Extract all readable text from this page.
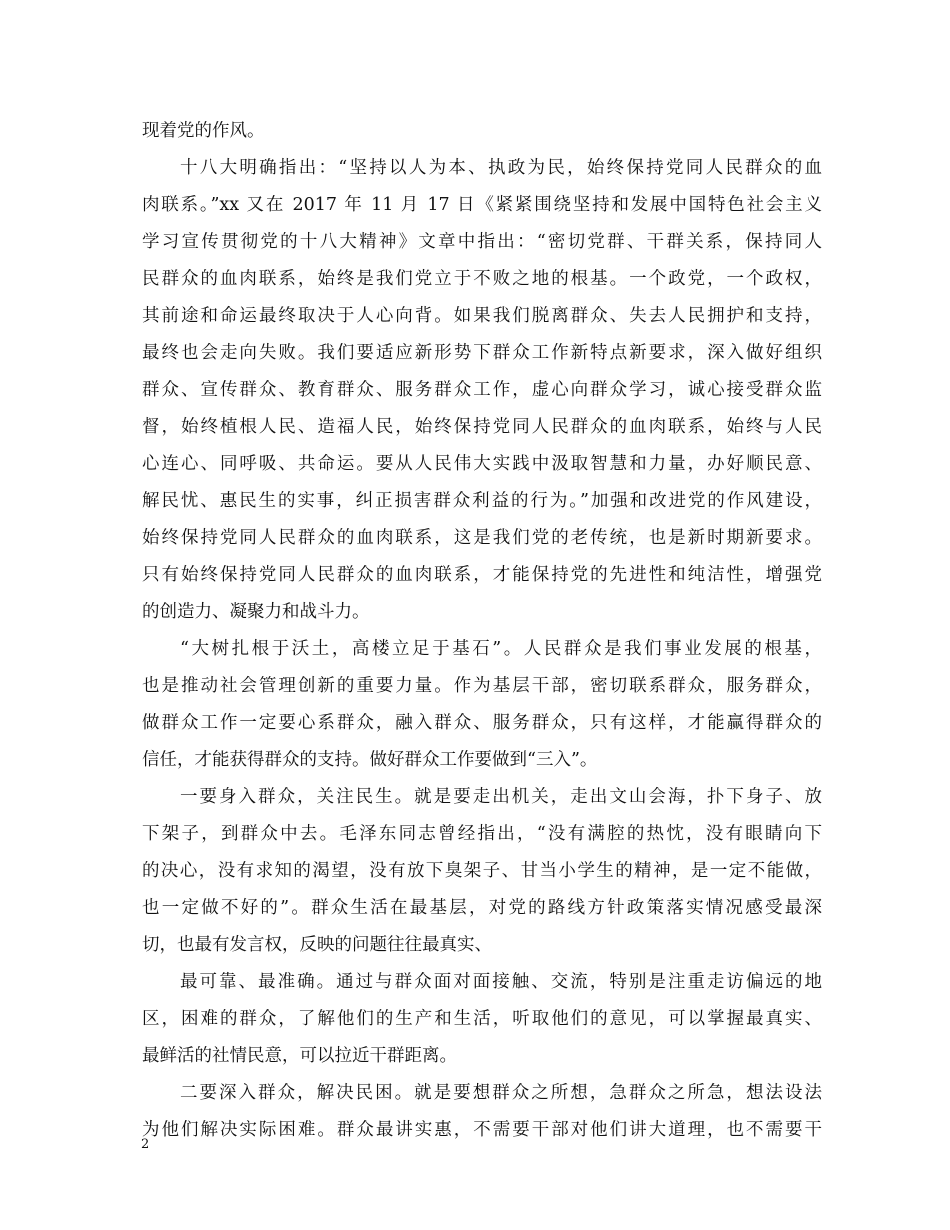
现着党的作风。
十八大明确指出：“坚持以人为本、执政为民，始终保持党同人民群众的血
肉联系。”xx 又在 2017 年 11 月 17 日《紧紧围绕坚持和发展中国特色社会主义
学习宣传贯彻党的十八大精神》文章中指出：“密切党群、干群关系，保持同人
民群众的血肉联系，始终是我们党立于不败之地的根基。一个政党，一个政权，
其前途和命运最终取决于人心向背。如果我们脱离群众、失去人民拥护和支持，
最终也会走向失败。我们要适应新形势下群众工作新特点新要求，深入做好组织
群众、宣传群众、教育群众、服务群众工作，虚心向群众学习，诚心接受群众监
督，始终植根人民、造福人民，始终保持党同人民群众的血肉联系，始终与人民
心连心、同呼吸、共命运。要从人民伟大实践中汲取智慧和力量，办好顺民意、
解民忧、惠民生的实事，纠正损害群众利益的行为。”加强和改进党的作风建设，
始终保持党同人民群众的血肉联系，这是我们党的老传统，也是新时期新要求。
只有始终保持党同人民群众的血肉联系，才能保持党的先进性和纯洁性，增强党
的创造力、凝聚力和战斗力。
“大树扎根于沃土，高楼立足于基石”。人民群众是我们事业发展的根基，
也是推动社会管理创新的重要力量。作为基层干部，密切联系群众，服务群众，
做群众工作一定要心系群众，融入群众、服务群众，只有这样，才能赢得群众的
信任，才能获得群众的支持。做好群众工作要做到“三入”。
一要身入群众，关注民生。就是要走出机关，走出文山会海，扑下身子、放
下架子，到群众中去。毛泽东同志曾经指出，“没有满腔的热忱，没有眼睛向下
的决心，没有求知的渴望，没有放下臭架子、甘当小学生的精神，是一定不能做，
也一定做不好的”。群众生活在最基层，对党的路线方针政策落实情况感受最深
切，也最有发言权，反映的问题往往最真实、
最可靠、最准确。通过与群众面对面接触、交流，特别是注重走访偏远的地
区，困难的群众，了解他们的生产和生活，听取他们的意见，可以掌握最真实、
最鲜活的社情民意，可以拉近干群距离。
二要深入群众，解决民困。就是要想群众之所想，急群众之所急，想法设法
为他们解决实际困难。群众最讲实惠，不需要干部对他们讲大道理，也不需要干
2
